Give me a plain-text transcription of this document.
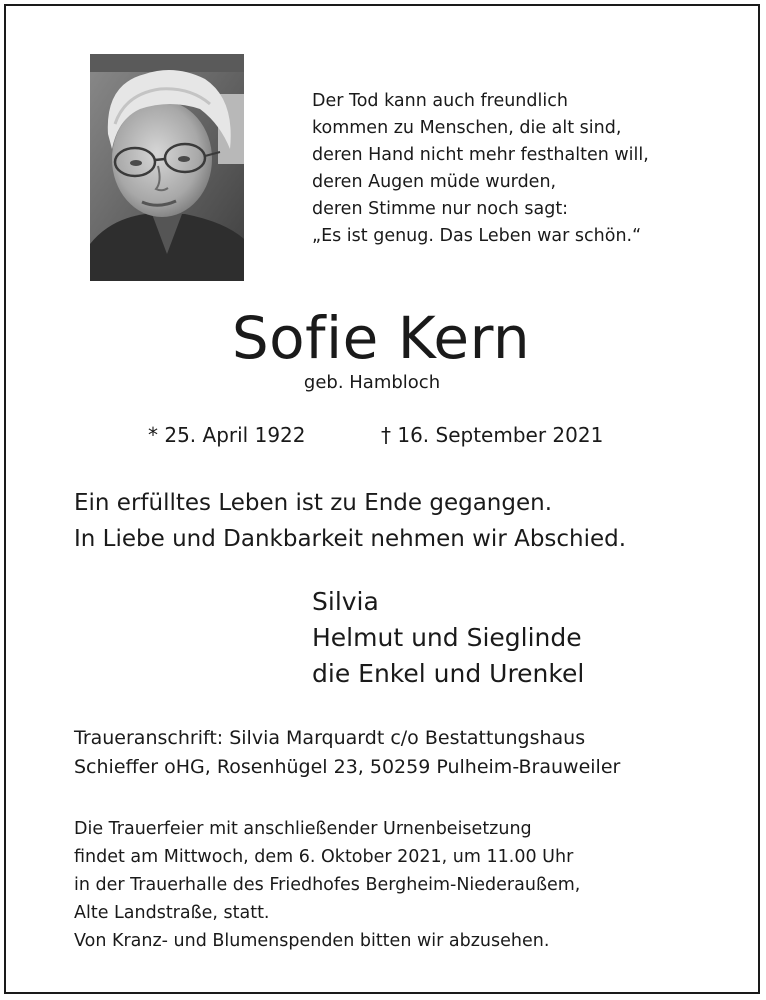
Der Tod kann auch freundlich
kommen zu Menschen, die alt sind,
deren Hand nicht mehr festhalten will,
deren Augen müde wurden,
deren Stimme nur noch sagt:
„Es ist genug. Das Leben war schön.“
Sofie Kern
geb. Hambloch
* 25. April 1922	† 16. September 2021
Ein erfülltes Leben ist zu Ende gegangen.
In Liebe und Dankbarkeit nehmen wir Abschied.
Silvia
Helmut und Sieglinde
die Enkel und Urenkel
Traueranschrift: Silvia Marquardt c/o Bestattungshaus
Schieffer oHG, Rosenhügel 23, 50259 Pulheim-Brauweiler
Die Trauerfeier mit anschließender Urnenbeisetzung
findet am Mittwoch, dem 6. Oktober 2021, um 11.00 Uhr
in der Trauerhalle des Friedhofes Bergheim-Niederaußem,
Alte Landstraße, statt.
Von Kranz- und Blumenspenden bitten wir abzusehen.
